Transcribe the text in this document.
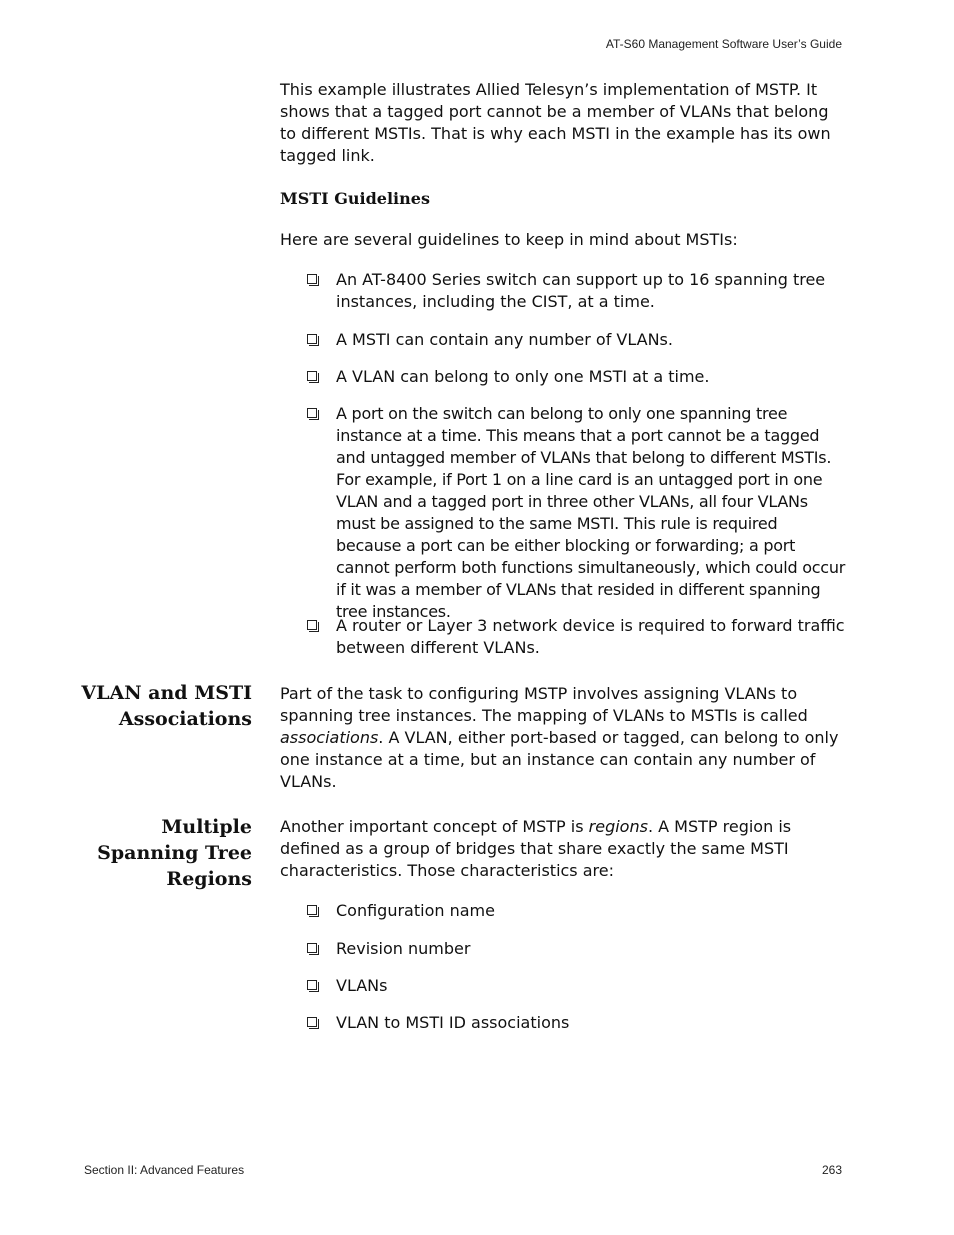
AT-S60 Management Software User’s Guide

This example illustrates Allied Telesyn’s implementation of MSTP. It shows that a tagged port cannot be a member of VLANs that belong to different MSTIs. That is why each MSTI in the example has its own tagged link.

MSTI Guidelines

Here are several guidelines to keep in mind about MSTIs:

An AT-8400 Series switch can support up to 16 spanning tree instances, including the CIST, at a time.
A MSTI can contain any number of VLANs.
A VLAN can belong to only one MSTI at a time.
A port on the switch can belong to only one spanning tree instance at a time. This means that a port cannot be a tagged and untagged member of VLANs that belong to different MSTIs. For example, if Port 1 on a line card is an untagged port in one VLAN and a tagged port in three other VLANs, all four VLANs must be assigned to the same MSTI. This rule is required because a port can be either blocking or forwarding; a port cannot perform both functions simultaneously, which could occur if it was a member of VLANs that resided in different spanning tree instances.
A router or Layer 3 network device is required to forward traffic between different VLANs.
VLAN and MSTI
Associations

Part of the task to configuring MSTP involves assigning VLANs to spanning tree instances. The mapping of VLANs to MSTIs is called associations. A VLAN, either port-based or tagged, can belong to only one instance at a time, but an instance can contain any number of VLANs.

Multiple
Spanning Tree
Regions

Another important concept of MSTP is regions. A MSTP region is defined as a group of bridges that share exactly the same MSTI characteristics. Those characteristics are:

Configuration name
Revision number
VLANs
VLAN to MSTI ID associations
Section II: Advanced Features	263
